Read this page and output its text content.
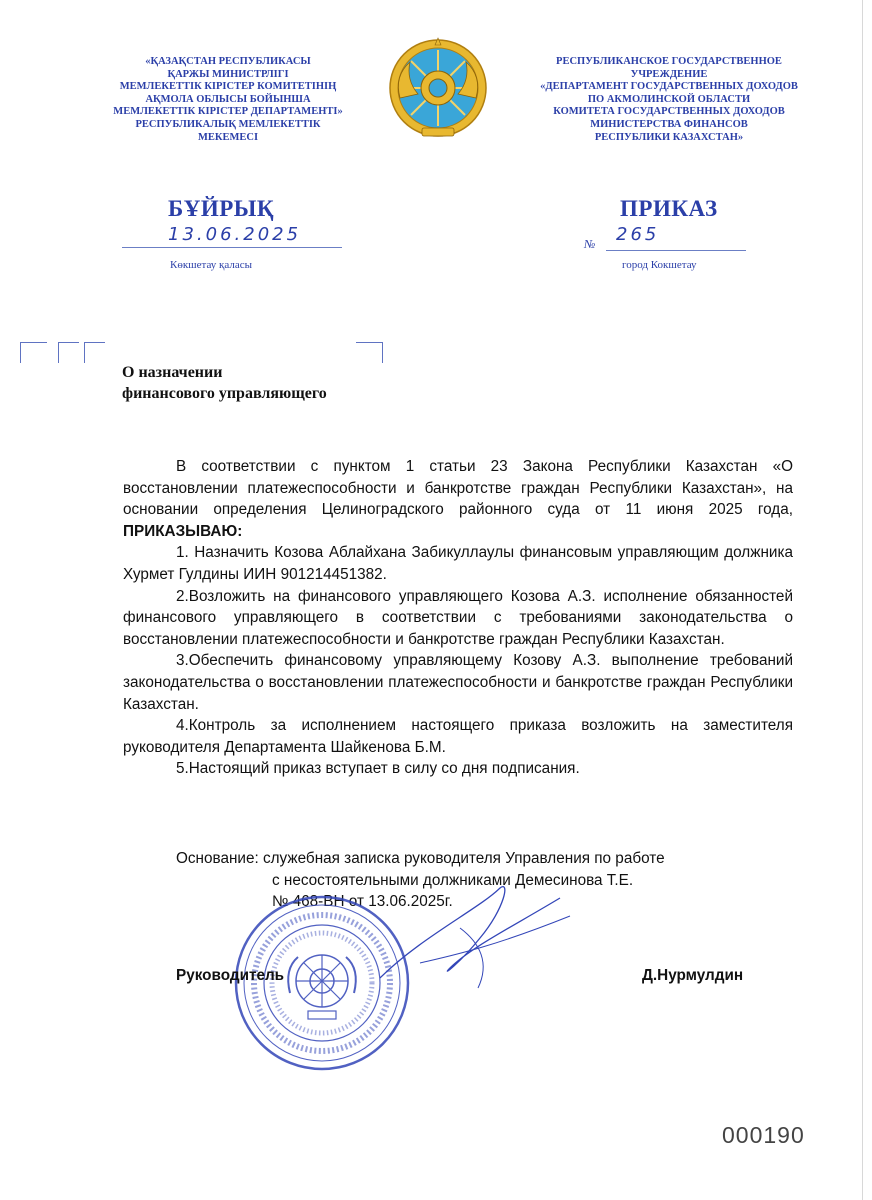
«ҚАЗАҚСТАН РЕСПУБЛИКАСЫ
ҚАРЖЫ МИНИСТРЛІГІ
МЕМЛЕКЕТТІК КІРІСТЕР КОМИТЕТІНІҢ
АҚМОЛА ОБЛЫСЫ БОЙЫНША
МЕМЛЕКЕТТІК КІРІСТЕР ДЕПАРТАМЕНТІ»
РЕСПУБЛИКАЛЫҚ МЕМЛЕКЕТТІК
МЕКЕМЕСІ
РЕСПУБЛИКАНСКОЕ ГОСУДАРСТВЕННОЕ
УЧРЕЖДЕНИЕ
«ДЕПАРТАМЕНТ ГОСУДАРСТВЕННЫХ ДОХОДОВ
ПО АКМОЛИНСКОЙ ОБЛАСТИ
КОМИТЕТА ГОСУДАРСТВЕННЫХ ДОХОДОВ
МИНИСТЕРСТВА ФИНАНСОВ
РЕСПУБЛИКИ КАЗАХСТАН»
БҰЙРЫҚ	ПРИКАЗ
13.06.2025	№ 265
Көкшетау қаласы	город Кокшетау
О назначении
финансового управляющего

В соответствии с пунктом 1 статьи 23 Закона Республики Казахстан «О восстановлении платежеспособности и банкротстве граждан Республики Казахстан», на основании определения Целиноградского районного суда от 11 июня 2025 года, ПРИКАЗЫВАЮ:

1. Назначить Козова Аблайхана Забикуллаулы финансовым управляющим должника Хурмет Гулдины ИИН 901214451382.

2.Возложить на финансового управляющего Козова А.З. исполнение обязанностей финансового управляющего в соответствии с требованиями законодательства о восстановлении платежеспособности и банкротстве граждан Республики Казахстан.

3.Обеспечить финансовому управляющему Козову А.З. выполнение требований законодательства о восстановлении платежеспособности и банкротстве граждан Республики Казахстан.

4.Контроль за исполнением настоящего приказа возложить на заместителя руководителя Департамента Шайкенова Б.М.

5.Настоящий приказ вступает в силу со дня подписания.

Основание: служебная записка руководителя Управления по работе
с несостоятельными должниками Демесинова Т.Е.
№ 468-ВН от 13.06.2025г.
Руководитель	Д.Нурмулдин
000190
